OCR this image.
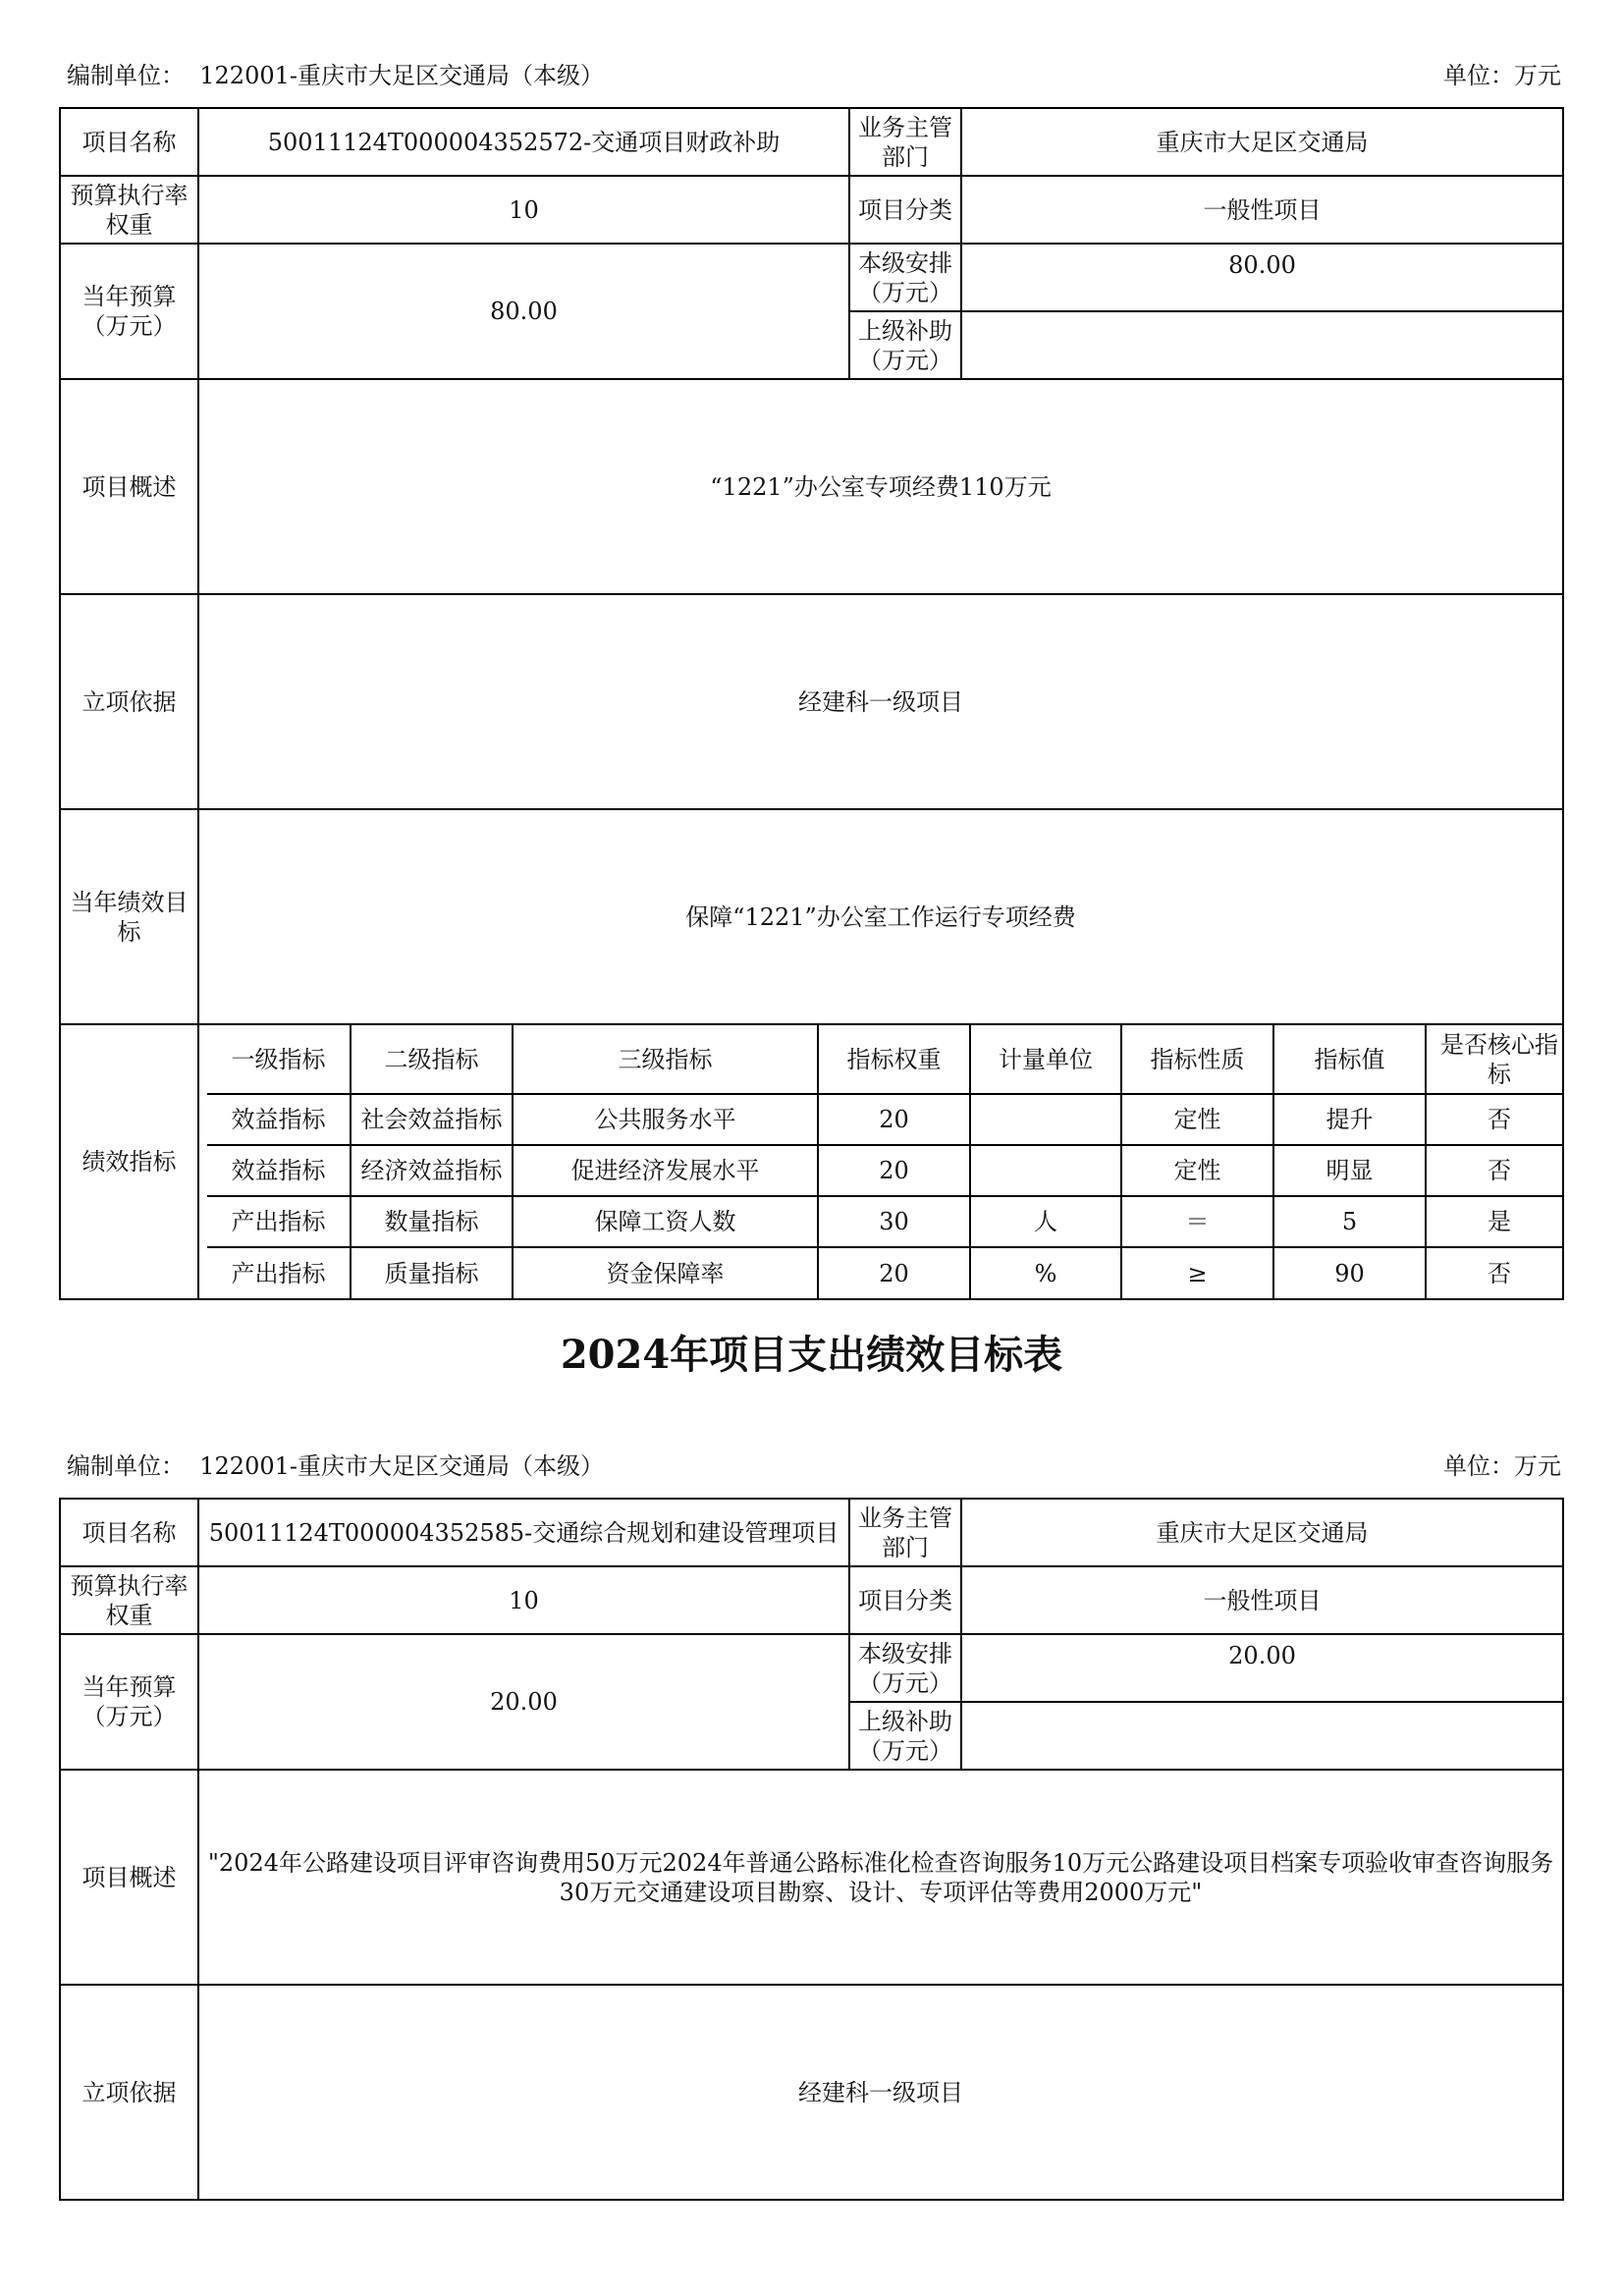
编制单位： 122001-重庆市大足区交通局（本级）	单位：万元
项目名称	50011124T000004352572-交通项目财政补助	业务主管部门	重庆市大足区交通局
预算执行率权重	10	项目分类	一般性项目
当年预算（万元）	80.00	本级安排（万元）	80.00
上级补助（万元）	
项目概述	“1221”办公室专项经费110万元
立项依据	经建科一级项目
当年绩效目标	保障“1221”办公室工作运行专项经费
绩效指标	
一级指标	二级指标	三级指标	指标权重	计量单位	指标性质	指标值	是否核心指标
效益指标	社会效益指标	公共服务水平	20		定性	提升	否
效益指标	经济效益指标	促进经济发展水平	20		定性	明显	否
产出指标	数量指标	保障工资人数	30	人	＝	5	是
产出指标	质量指标	资金保障率	20	%	≥	90	否
2024年项目支出绩效目标表
编制单位： 122001-重庆市大足区交通局（本级）	单位：万元
项目名称	50011124T000004352585-交通综合规划和建设管理项目	业务主管部门	重庆市大足区交通局
预算执行率权重	10	项目分类	一般性项目
当年预算（万元）	20.00	本级安排（万元）	20.00
		上级补助（万元）	
项目概述	"2024年公路建设项目评审咨询费用50万元2024年普通公路标准化检查咨询服务10万元公路建设项目档案专项验收审查咨询服务30万元交通建设项目勘察、设计、专项评估等费用2000万元"		
立项依据	经建科一级项目		
